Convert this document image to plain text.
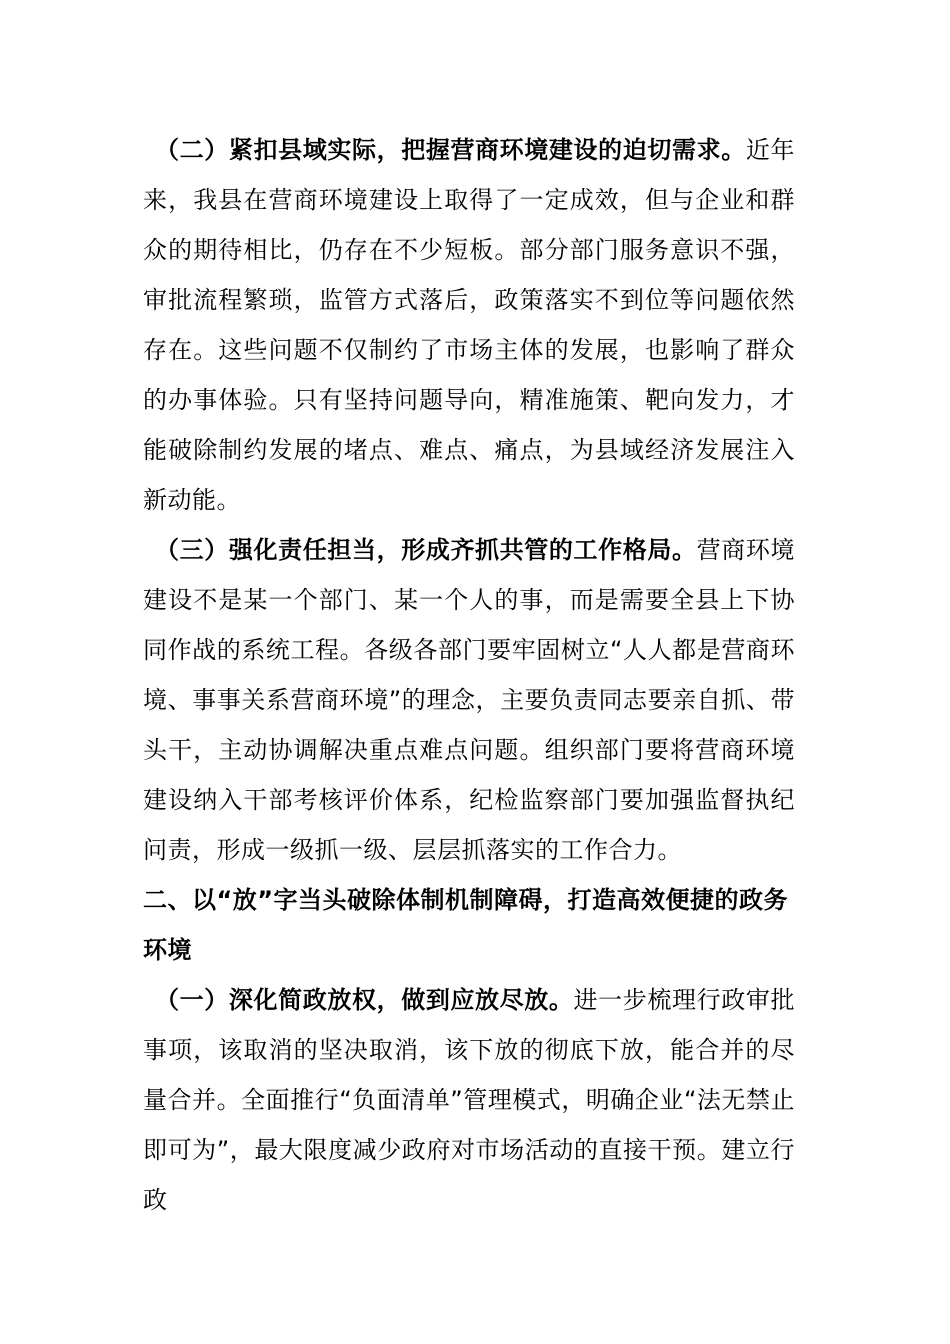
（二）紧扣县域实际，把握营商环境建设的迫切需求。近年来，我县在营商环境建设上取得了一定成效，但与企业和群众的期待相比，仍存在不少短板。部分部门服务意识不强，审批流程繁琐，监管方式落后，政策落实不到位等问题依然存在。这些问题不仅制约了市场主体的发展，也影响了群众的办事体验。只有坚持问题导向，精准施策、靶向发力，才能破除制约发展的堵点、难点、痛点，为县域经济发展注入新动能。

（三）强化责任担当，形成齐抓共管的工作格局。营商环境建设不是某一个部门、某一个人的事，而是需要全县上下协同作战的系统工程。各级各部门要牢固树立“人人都是营商环境、事事关系营商环境”的理念，主要负责同志要亲自抓、带头干，主动协调解决重点难点问题。组织部门要将营商环境建设纳入干部考核评价体系，纪检监察部门要加强监督执纪问责，形成一级抓一级、层层抓落实的工作合力。

二、以“放”字当头破除体制机制障碍，打造高效便捷的政务环境

（一）深化简政放权，做到应放尽放。进一步梳理行政审批事项，该取消的坚决取消，该下放的彻底下放，能合并的尽量合并。全面推行“负面清单”管理模式，明确企业“法无禁止即可为”，最大限度减少政府对市场活动的直接干预。建立行政
